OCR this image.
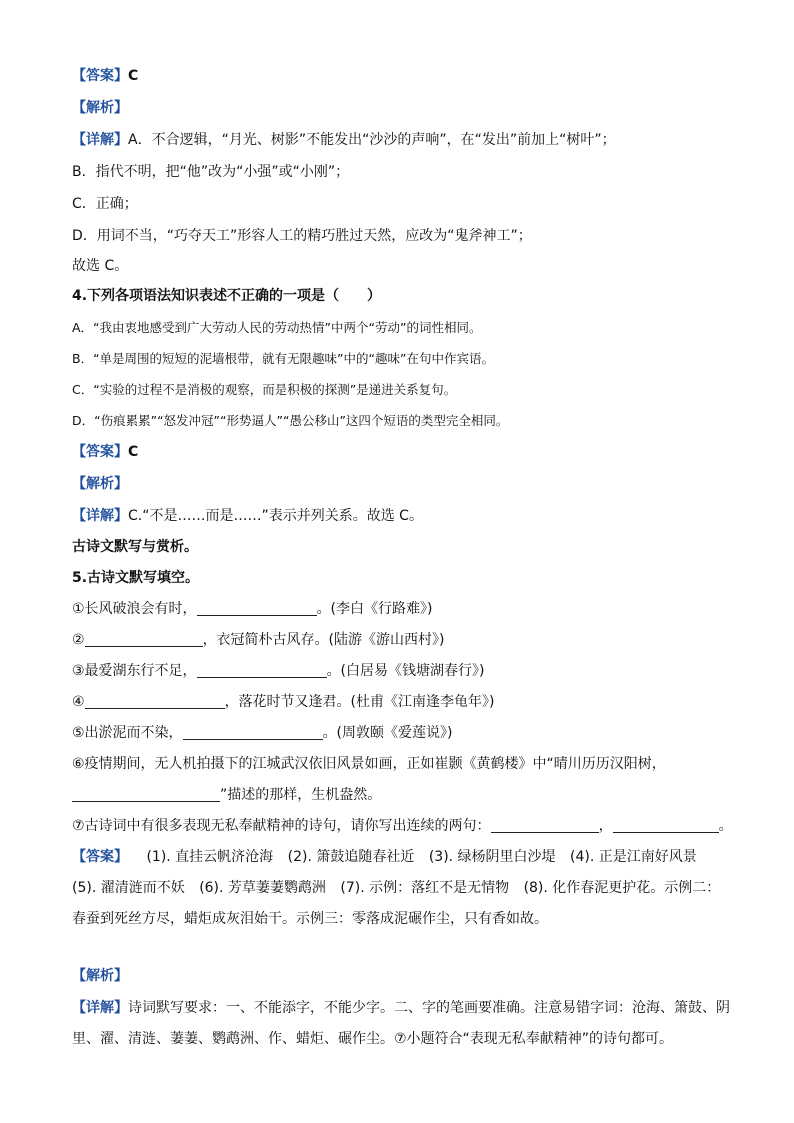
【答案】C
【解析】
【详解】A．不合逻辑，“月光、树影”不能发出“沙沙的声响”，在“发出”前加上“树叶”；
B．指代不明，把“他”改为“小强”或“小刚”；
C．正确；
D．用词不当，“巧夺天工”形容人工的精巧胜过天然，应改为“鬼斧神工”；
故选 C。
4.下列各项语法知识表述不正确的一项是（　　）
A．“我由衷地感受到广大劳动人民的劳动热情”中两个“劳动”的词性相同。
B．“单是周围的短短的泥墙根带，就有无限趣味”中的“趣味”在句中作宾语。
C．“实验的过程不是消极的观察，而是积极的探测”是递进关系复句。
D．“伤痕累累”“怒发冲冠”“形势逼人”“愚公移山”这四个短语的类型完全相同。
【答案】C
【解析】
【详解】C.“不是……而是……”表示并列关系。故选 C。
古诗文默写与赏析。
5.古诗文默写填空。
①长风破浪会有时，	。(李白《行路难》)
②	，衣冠简朴古风存。(陆游《游山西村》)
③最爱湖东行不足，	。(白居易《钱塘湖春行》)
④	，落花时节又逢君。(杜甫《江南逢李龟年》)
⑤出淤泥而不染，	。(周敦颐《爱莲说》)
⑥疫情期间，无人机拍摄下的江城武汉依旧风景如画，正如崔颢《黄鹤楼》中“晴川历历汉阳树，
”描述的那样，生机盎然。
⑦古诗词中有很多表现无私奉献精神的诗句，请你写出连续的两句：	，	。
【答案】 (1). 直挂云帆济沧海 (2). 箫鼓追随春社近 (3). 绿杨阴里白沙堤 (4). 正是江南好风景 (5). 濯清涟而不妖 (6). 芳草萋萋鹦鹉洲 (7). 示例：落红不是无情物 (8). 化作春泥更护花。示例二：春蚕到死丝方尽，蜡炬成灰泪始干。示例三：零落成泥碾作尘，只有香如故。
【解析】
【详解】诗词默写要求：一、不能添字，不能少字。二、字的笔画要准确。注意易错字词：沧海、箫鼓、阴里、濯、清涟、萋萋、鹦鹉洲、作、蜡炬、碾作尘。⑦小题符合“表现无私奉献精神”的诗句都可。
